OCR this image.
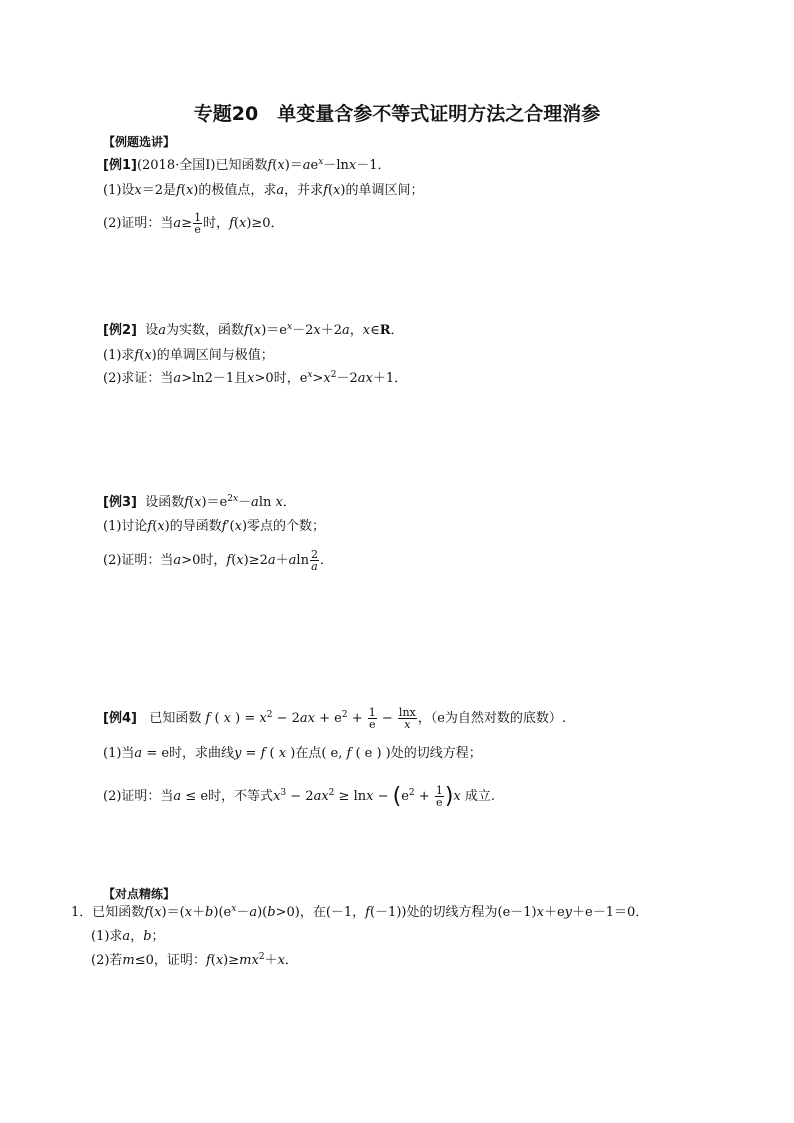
专题20　单变量含参不等式证明方法之合理消参
【例题选讲】
[例1](2018·全国Ⅰ)已知函数$f(x)=ae^x-\ln x-1$．
(1)设x＝2是f(x)的极值点，求a，并求f(x)的单调区间；
(2)证明：当$a\ge \frac{1}{e}$ 时，f(x)≥0．
[例2] 设a为实数，函数$f(x)=e^x-2x+2a$，x∈R．
(1)求f(x)的单调区间与极值；
(2)求证：当a>ln2－1且x>0时，$e^x>x^2-2ax+1$．
[例3] 设函数$f(x)=e^{2x}-aln$ x．
(1)讨论f(x)的导函数f′(x)零点的个数；
(2)证明：当a>0时，$f(x)\ge 2a+aln \frac{2}{a}$ ．
[例4] 已知函数 f ( x ) = $x^2 - 2ax + e^2 + \frac{1}{e} - \frac{\ln x}{x}$ ，（e为自然对数的底数）.
(1)当a = e时，求曲线y = f ( x )在点( e, f ( e ) )处的切线方程；
(2)证明：当a ≤ e时，不等式$x^3 - 2ax^2 \ge \ln x - (e^2 + \frac{1}{e} )x$ 成立.
【对点精练】
1．已知函数$f(x)=(x+b)(e^x-a)(b>0)$，在(－1，f(－1))处的切线方程为(e－1)x＋ey＋e－1＝0．
(1)求a，b；
(2)若m≤0，证明：$f(x)\ge mx^2+x$．
